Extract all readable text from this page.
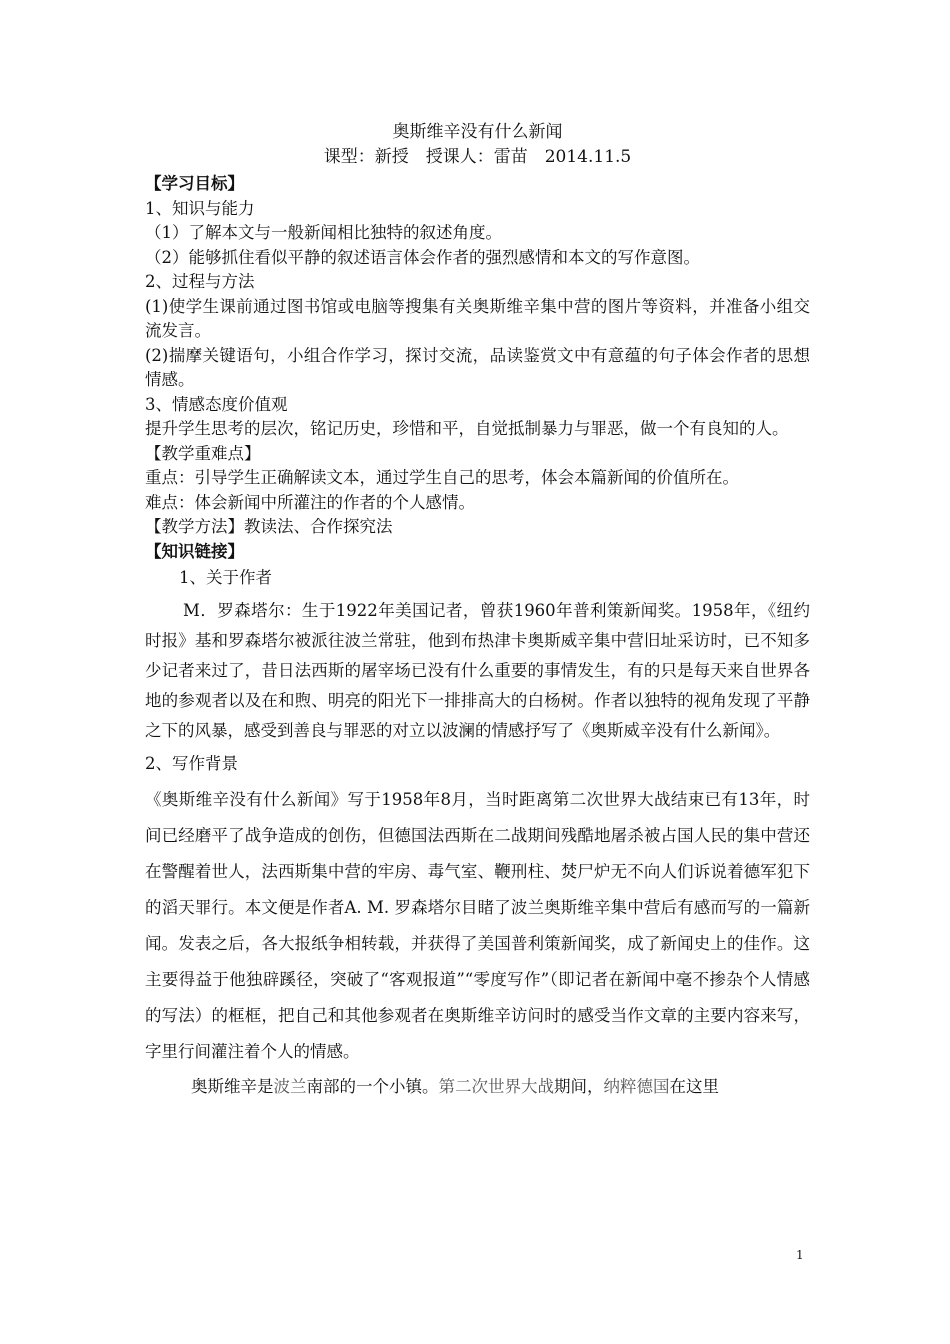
奥斯维辛没有什么新闻

课型：新授　授课人：雷苗　2014.11.5

【学习目标】

1、知识与能力

（1）了解本文与一般新闻相比独特的叙述角度。

（2）能够抓住看似平静的叙述语言体会作者的强烈感情和本文的写作意图。

2、过程与方法

(1)使学生课前通过图书馆或电脑等搜集有关奥斯维辛集中营的图片等资料，并准备小组交流发言。

(2)揣摩关键语句，小组合作学习，探讨交流，品读鉴赏文中有意蕴的句子体会作者的思想情感。

3、情感态度价值观

提升学生思考的层次，铭记历史，珍惜和平，自觉抵制暴力与罪恶，做一个有良知的人。

【教学重难点】

重点：引导学生正确解读文本，通过学生自己的思考，体会本篇新闻的价值所在。

难点：体会新闻中所灌注的作者的个人感情。

【教学方法】教读法、合作探究法

【知识链接】

1、关于作者

M．罗森塔尔：生于1922年美国记者，曾获1960年普利策新闻奖。1958年，《纽约时报》基和罗森塔尔被派往波兰常驻，他到布热津卡奥斯威辛集中营旧址采访时，已不知多少记者来过了，昔日法西斯的屠宰场已没有什么重要的事情发生，有的只是每天来自世界各地的参观者以及在和煦、明亮的阳光下一排排高大的白杨树。作者以独特的视角发现了平静之下的风暴，感受到善良与罪恶的对立以波澜的情感抒写了《奥斯威辛没有什么新闻》。

2、写作背景

《奥斯维辛没有什么新闻》写于1958年8月，当时距离第二次世界大战结束已有13年，时间已经磨平了战争造成的创伤，但德国法西斯在二战期间残酷地屠杀被占国人民的集中营还在警醒着世人，法西斯集中营的牢房、毒气室、鞭刑柱、焚尸炉无不向人们诉说着德军犯下的滔天罪行。本文便是作者A. M. 罗森塔尔目睹了波兰奥斯维辛集中营后有感而写的一篇新闻。发表之后，各大报纸争相转载，并获得了美国普利策新闻奖，成了新闻史上的佳作。这主要得益于他独辟蹊径，突破了“客观报道”“零度写作”（即记者在新闻中毫不掺杂个人情感的写法）的框框，把自己和其他参观者在奥斯维辛访问时的感受当作文章的主要内容来写，字里行间灌注着个人的情感。

奥斯维辛是波兰南部的一个小镇。第二次世界大战期间，纳粹德国在这里

1
